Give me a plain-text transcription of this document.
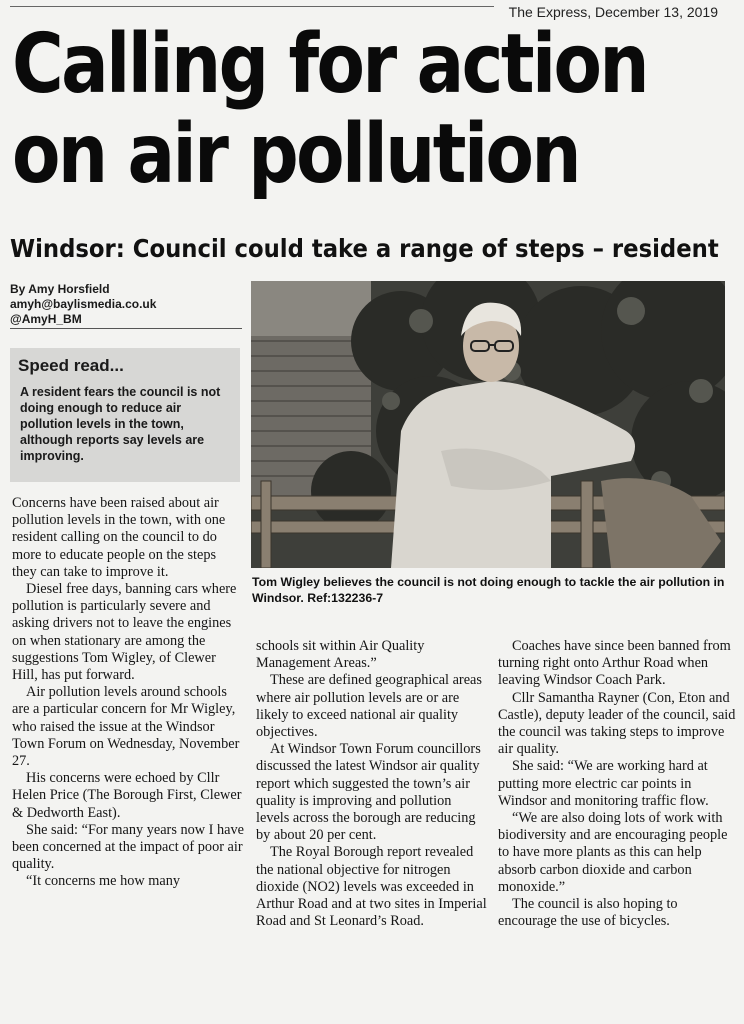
The Express, December 13, 2019
Calling for action
on air pollution
Windsor: Council could take a range of steps – resident
By Amy Horsfield
amyh@baylismedia.co.uk
@AmyH_BM
Speed read...
A resident fears the council is not doing enough to reduce air pollution levels in the town, although reports say levels are improving.
Tom Wigley believes the council is not doing enough to tackle the air pollution in Windsor. Ref:132236-7

Concerns have been raised about air pollution levels in the town, with one resident calling on the council to do more to educate people on the steps they can take to improve it.

Diesel free days, banning cars where pollution is particularly severe and asking drivers not to leave the engines on when stationary are among the suggestions Tom Wigley, of Clewer Hill, has put forward.

Air pollution levels around schools are a particular concern for Mr Wigley, who raised the issue at the Windsor Town Forum on Wednesday, November 27.

His concerns were echoed by Cllr Helen Price (The Borough First, Clewer & Dedworth East).

She said: “For many years now I have been concerned at the impact of poor air quality.

“It concerns me how many

schools sit within Air Quality Management Areas.”

These are defined geographical areas where air pollution levels are or are likely to exceed national air quality objectives.

At Windsor Town Forum councillors discussed the latest Windsor air quality report which suggested the town’s air quality is improving and pollution levels across the borough are reducing by about 20 per cent.

The Royal Borough report revealed the national objective for nitrogen dioxide (NO2) levels was exceeded in Arthur Road and at two sites in Imperial Road and St Leonard’s Road.

Coaches have since been banned from turning right onto Arthur Road when leaving Windsor Coach Park.

Cllr Samantha Rayner (Con, Eton and Castle), deputy leader of the council, said the council was taking steps to improve air quality.

She said: “We are working hard at putting more electric car points in Windsor and monitoring traffic flow.

“We are also doing lots of work with biodiversity and are encouraging people to have more plants as this can help absorb carbon dioxide and carbon monoxide.”

The council is also hoping to encourage the use of bicycles.
